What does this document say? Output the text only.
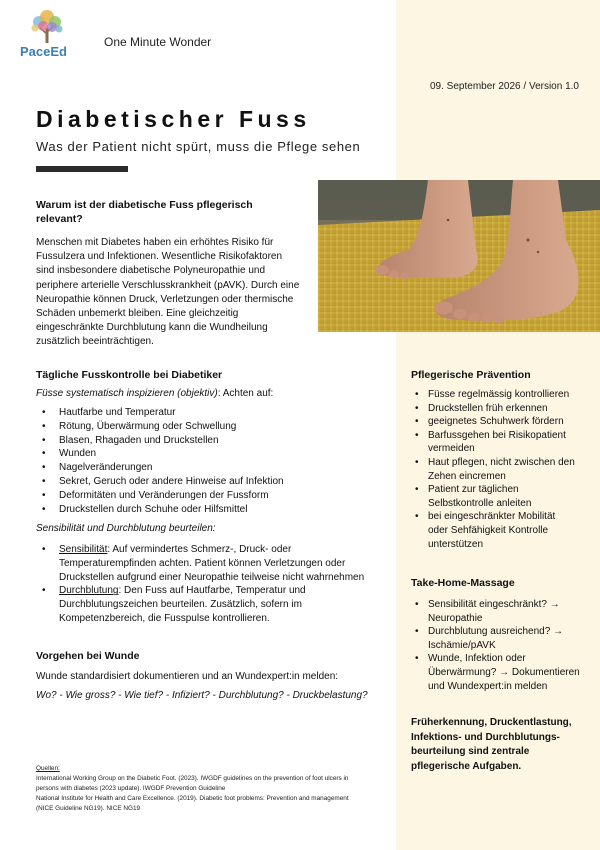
PaceEd
One Minute Wonder
09. September 2026 / Version 1.0
Diabetischer Fuss
Was der Patient nicht spürt, muss die Pflege sehen
Warum ist der diabetische Fuss pflegerisch
relevant?
Menschen mit Diabetes haben ein erhöhtes Risiko für
Fussulzera und Infektionen. Wesentliche Risikofaktoren
sind insbesondere diabetische Polyneuropathie und
periphere arterielle Verschlusskrankheit (pAVK). Durch eine
Neuropathie können Druck, Verletzungen oder thermische
Schäden unbemerkt bleiben. Eine gleichzeitig
eingeschränkte Durchblutung kann die Wundheilung
zusätzlich beeinträchtigen.
Tägliche Fusskontrolle bei Diabetiker
Füsse systematisch inspizieren (objektiv): Achten auf:
• Hautfarbe und Temperatur
• Rötung, Überwärmung oder Schwellung
• Blasen, Rhagaden und Druckstellen
• Wunden
• Nagelveränderungen
• Sekret, Geruch oder andere Hinweise auf Infektion
• Deformitäten und Veränderungen der Fussform
• Druckstellen durch Schuhe oder Hilfsmittel
Sensibilität und Durchblutung beurteilen:
• Sensibilität: Auf vermindertes Schmerz-, Druck- oder
Temperaturempfinden achten. Patient können Verletzungen oder
Druckstellen aufgrund einer Neuropathie teilweise nicht wahrnehmen
• Durchblutung: Den Fuss auf Hautfarbe, Temperatur und
Durchblutungszeichen beurteilen. Zusätzlich, sofern im
Kompetenzbereich, die Fusspulse kontrollieren.
Vorgehen bei Wunde
Wunde standardisiert dokumentieren und an Wundexpert:in melden:
Wo? - Wie gross? - Wie tief? - Infiziert? - Durchblutung? - Druckbelastung?
Quellen:
International Working Group on the Diabetic Foot. (2023). IWGDF guidelines on the prevention of foot ulcers in
persons with diabetes (2023 update). IWGDF Prevention Guideline
National Institute for Health and Care Excellence. (2019). Diabetic foot problems: Prevention and management
(NICE Guideline NG19). NICE NG19
Pflegerische Prävention
• Füsse regelmässig kontrollieren
• Druckstellen früh erkennen
• geeignetes Schuhwerk fördern
• Barfussgehen bei Risikopatient
vermeiden
• Haut pflegen, nicht zwischen den
Zehen eincremen
• Patient zur täglichen
Selbstkontrolle anleiten
• bei eingeschränkter Mobilität
oder Sehfähigkeit Kontrolle
unterstützen
Take-Home-Massage
• Sensibilität eingeschränkt? →
Neuropathie
• Durchblutung ausreichend? →
Ischämie/pAVK
• Wunde, Infektion oder
Überwärmung? → Dokumentieren
und Wundexpert:in melden
Früherkennung, Druckentlastung,
Infektions- und Durchblutungs-
beurteilung sind zentrale
pflegerische Aufgaben.
